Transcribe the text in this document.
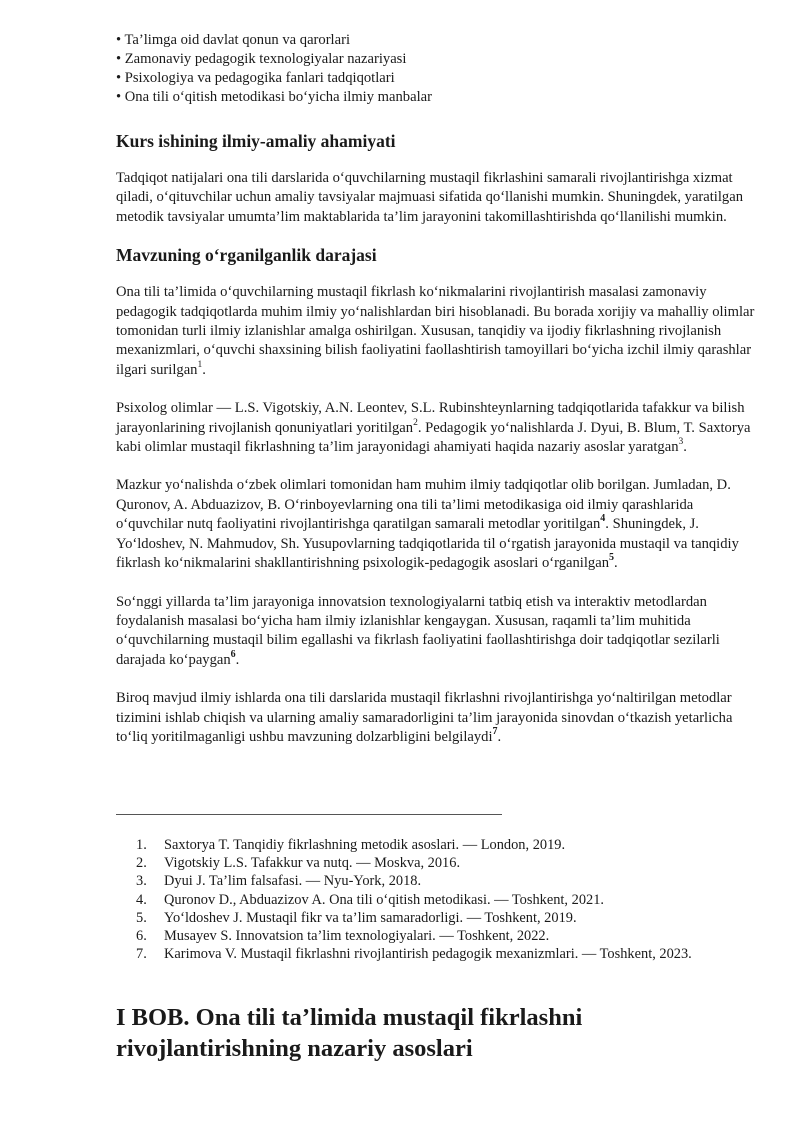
• Ta’limga oid davlat qonun va qarorlari
• Zamonaviy pedagogik texnologiyalar nazariyasi
• Psixologiya va pedagogika fanlari tadqiqotlari
• Ona tili o‘qitish metodikasi bo‘yicha ilmiy manbalar
Kurs ishining ilmiy-amaliy ahamiyati

Tadqiqot natijalari ona tili darslarida o‘quvchilarning mustaqil fikrlashini samarali rivojlantirishga xizmat qiladi, o‘qituvchilar uchun amaliy tavsiyalar majmuasi sifatida qo‘llanishi mumkin. Shuningdek, yaratilgan metodik tavsiyalar umumta’lim maktablarida ta’lim jarayonini takomillashtirishda qo‘llanilishi mumkin.

Mavzuning o‘rganilganlik darajasi

Ona tili ta’limida o‘quvchilarning mustaqil fikrlash ko‘nikmalarini rivojlantirish masalasi zamonaviy pedagogik tadqiqotlarda muhim ilmiy yo‘nalishlardan biri hisoblanadi. Bu borada xorijiy va mahalliy olimlar tomonidan turli ilmiy izlanishlar amalga oshirilgan. Xususan, tanqidiy va ijodiy fikrlashning rivojlanish mexanizmlari, o‘quvchi shaxsining bilish faoliyatini faollashtirish tamoyillari bo‘yicha izchil ilmiy qarashlar ilgari surilgan$^1$.

Psixolog olimlar — L.S. Vigotskiy, A.N. Leontev, S.L. Rubinshteynlarning tadqiqotlarida tafakkur va bilish jarayonlarining rivojlanish qonuniyatlari yoritilgan$^2$. Pedagogik yo‘nalishlarda J. Dyui, B. Blum, T. Saxtorya kabi olimlar mustaqil fikrlashning ta’lim jarayonidagi ahamiyati haqida nazariy asoslar yaratgan$^3$.

Mazkur yo‘nalishda o‘zbek olimlari tomonidan ham muhim ilmiy tadqiqotlar olib borilgan. Jumladan, D. Quronov, A. Abduazizov, B. O‘rinboyevlarning ona tili ta’limi metodikasiga oid ilmiy qarashlarida o‘quvchilar nutq faoliyatini rivojlantirishga qaratilgan samarali metodlar yoritilgan$^4$. Shuningdek, J. Yo‘ldoshev, N. Mahmudov, Sh. Yusupovlarning tadqiqotlarida til o‘rgatish jarayonida mustaqil va tanqidiy fikrlash ko‘nikmalarini shakllantirishning psixologik-pedagogik asoslari o‘rganilgan$^5$.

So‘nggi yillarda ta’lim jarayoniga innovatsion texnologiyalarni tatbiq etish va interaktiv metodlardan foydalanish masalasi bo‘yicha ham ilmiy izlanishlar kengaygan. Xususan, raqamli ta’lim muhitida o‘quvchilarning mustaqil bilim egallashi va fikrlash faoliyatini faollashtirishga doir tadqiqotlar sezilarli darajada ko‘paygan$^6$.

Biroq mavjud ilmiy ishlarda ona tili darslarida mustaqil fikrlashni rivojlantirishga yo‘naltirilgan metodlar tizimini ishlab chiqish va ularning amaliy samaradorligini ta’lim jarayonida sinovdan o‘tkazish yetarlicha to‘liq yoritilmaganligi ushbu mavzuning dolzarbligini belgilaydi$^7$.

1. Saxtorya T. Tanqidiy fikrlashning metodik asoslari. — London, 2019.
2. Vigotskiy L.S. Tafakkur va nutq. — Moskva, 2016.
3. Dyui J. Ta’lim falsafasi. — Nyu-York, 2018.
4. Quronov D., Abduazizov A. Ona tili o‘qitish metodikasi. — Toshkent, 2021.
5. Yo‘ldoshev J. Mustaqil fikr va ta’lim samaradorligi. — Toshkent, 2019.
6. Musayev S. Innovatsion ta’lim texnologiyalari. — Toshkent, 2022.
7. Karimova V. Mustaqil fikrlashni rivojlantirish pedagogik mexanizmlari. — Toshkent, 2023.
I BOB. Ona tili ta’limida mustaqil fikrlashni rivojlantirishning nazariy asoslari
